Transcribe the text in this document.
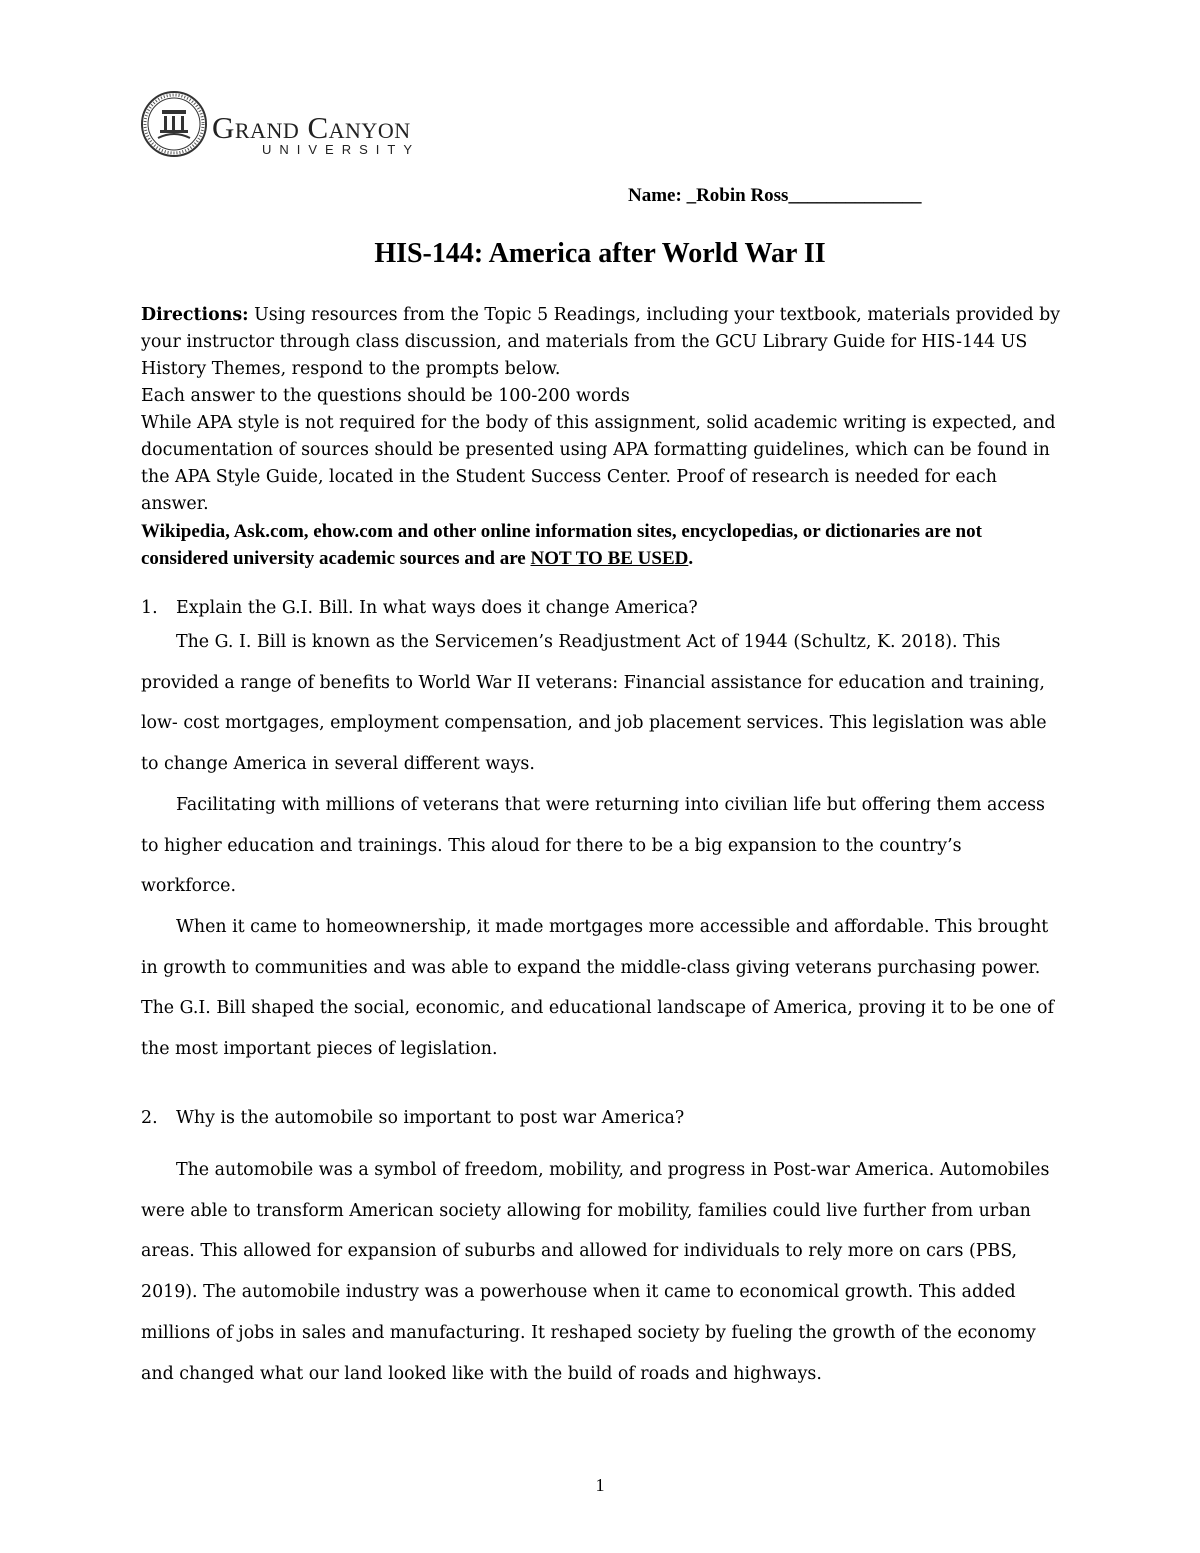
Grand Canyon
UNIVERSITY
Name: _Robin Ross______________
HIS-144: America after World War II

Directions: Using resources from the Topic 5 Readings, including your textbook, materials provided by your instructor through class discussion, and materials from the GCU Library Guide for HIS-144 US History Themes, respond to the prompts below.

Each answer to the questions should be 100-200 words

While APA style is not required for the body of this assignment, solid academic writing is expected, and documentation of sources should be presented using APA formatting guidelines, which can be found in the APA Style Guide, located in the Student Success Center. Proof of research is needed for each answer.

Wikipedia, Ask.com, ehow.com and other online information sites, encyclopedias, or dictionaries are not considered university academic sources and are NOT TO BE USED.

1. Explain the G.I. Bill. In what ways does it change America?

The G. I. Bill is known as the Servicemen’s Readjustment Act of 1944 (Schultz, K. 2018). This provided a range of benefits to World War II veterans: Financial assistance for education and training, low- cost mortgages, employment compensation, and job placement services. This legislation was able to change America in several different ways.

Facilitating with millions of veterans that were returning into civilian life but offering them access to higher education and trainings. This aloud for there to be a big expansion to the country’s workforce.

When it came to homeownership, it made mortgages more accessible and affordable. This brought in growth to communities and was able to expand the middle-class giving veterans purchasing power. The G.I. Bill shaped the social, economic, and educational landscape of America, proving it to be one of the most important pieces of legislation.

2. Why is the automobile so important to post war America?

The automobile was a symbol of freedom, mobility, and progress in Post-war America. Automobiles were able to transform American society allowing for mobility, families could live further from urban areas. This allowed for expansion of suburbs and allowed for individuals to rely more on cars (PBS, 2019). The automobile industry was a powerhouse when it came to economical growth. This added millions of jobs in sales and manufacturing. It reshaped society by fueling the growth of the economy and changed what our land looked like with the build of roads and highways.

1
